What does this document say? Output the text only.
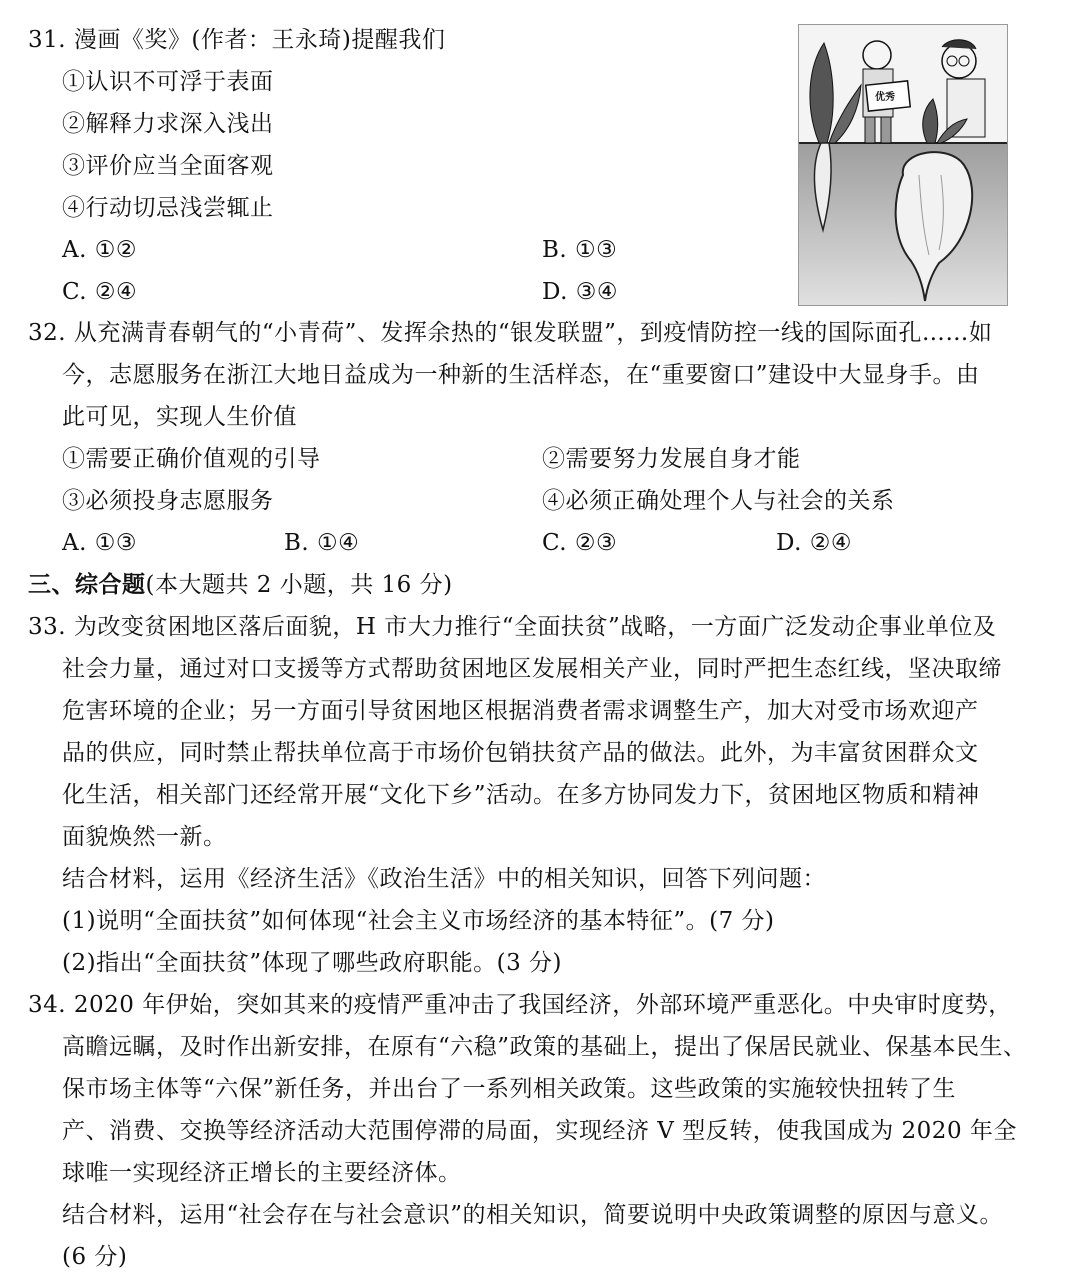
31. 漫画《奖》(作者：王永琦)提醒我们
①认识不可浮于表面
②解释力求深入浅出
③评价应当全面客观
④行动切忌浅尝辄止
A. ①②	B. ①③
C. ②④	D. ③④
优秀
32. 从充满青春朝气的“小青荷”、发挥余热的“银发联盟”，到疫情防控一线的国际面孔……如
今，志愿服务在浙江大地日益成为一种新的生活样态，在“重要窗口”建设中大显身手。由
此可见，实现人生价值
①需要正确价值观的引导	②需要努力发展自身才能
③必须投身志愿服务	④必须正确处理个人与社会的关系
A. ①③	B. ①④	C. ②③	D. ②④
三、综合题(本大题共 2 小题，共 16 分)
33. 为改变贫困地区落后面貌，H 市大力推行“全面扶贫”战略，一方面广泛发动企事业单位及
社会力量，通过对口支援等方式帮助贫困地区发展相关产业，同时严把生态红线，坚决取缔
危害环境的企业；另一方面引导贫困地区根据消费者需求调整生产，加大对受市场欢迎产
品的供应，同时禁止帮扶单位高于市场价包销扶贫产品的做法。此外，为丰富贫困群众文
化生活，相关部门还经常开展“文化下乡”活动。在多方协同发力下，贫困地区物质和精神
面貌焕然一新。
结合材料，运用《经济生活》《政治生活》中的相关知识，回答下列问题：
(1)说明“全面扶贫”如何体现“社会主义市场经济的基本特征”。(7 分)
(2)指出“全面扶贫”体现了哪些政府职能。(3 分)
34. 2020 年伊始，突如其来的疫情严重冲击了我国经济，外部环境严重恶化。中央审时度势，
高瞻远瞩，及时作出新安排，在原有“六稳”政策的基础上，提出了保居民就业、保基本民生、
保市场主体等“六保”新任务，并出台了一系列相关政策。这些政策的实施较快扭转了生
产、消费、交换等经济活动大范围停滞的局面，实现经济 V 型反转，使我国成为 2020 年全
球唯一实现经济正增长的主要经济体。
结合材料，运用“社会存在与社会意识”的相关知识，简要说明中央政策调整的原因与意义。
(6 分)
